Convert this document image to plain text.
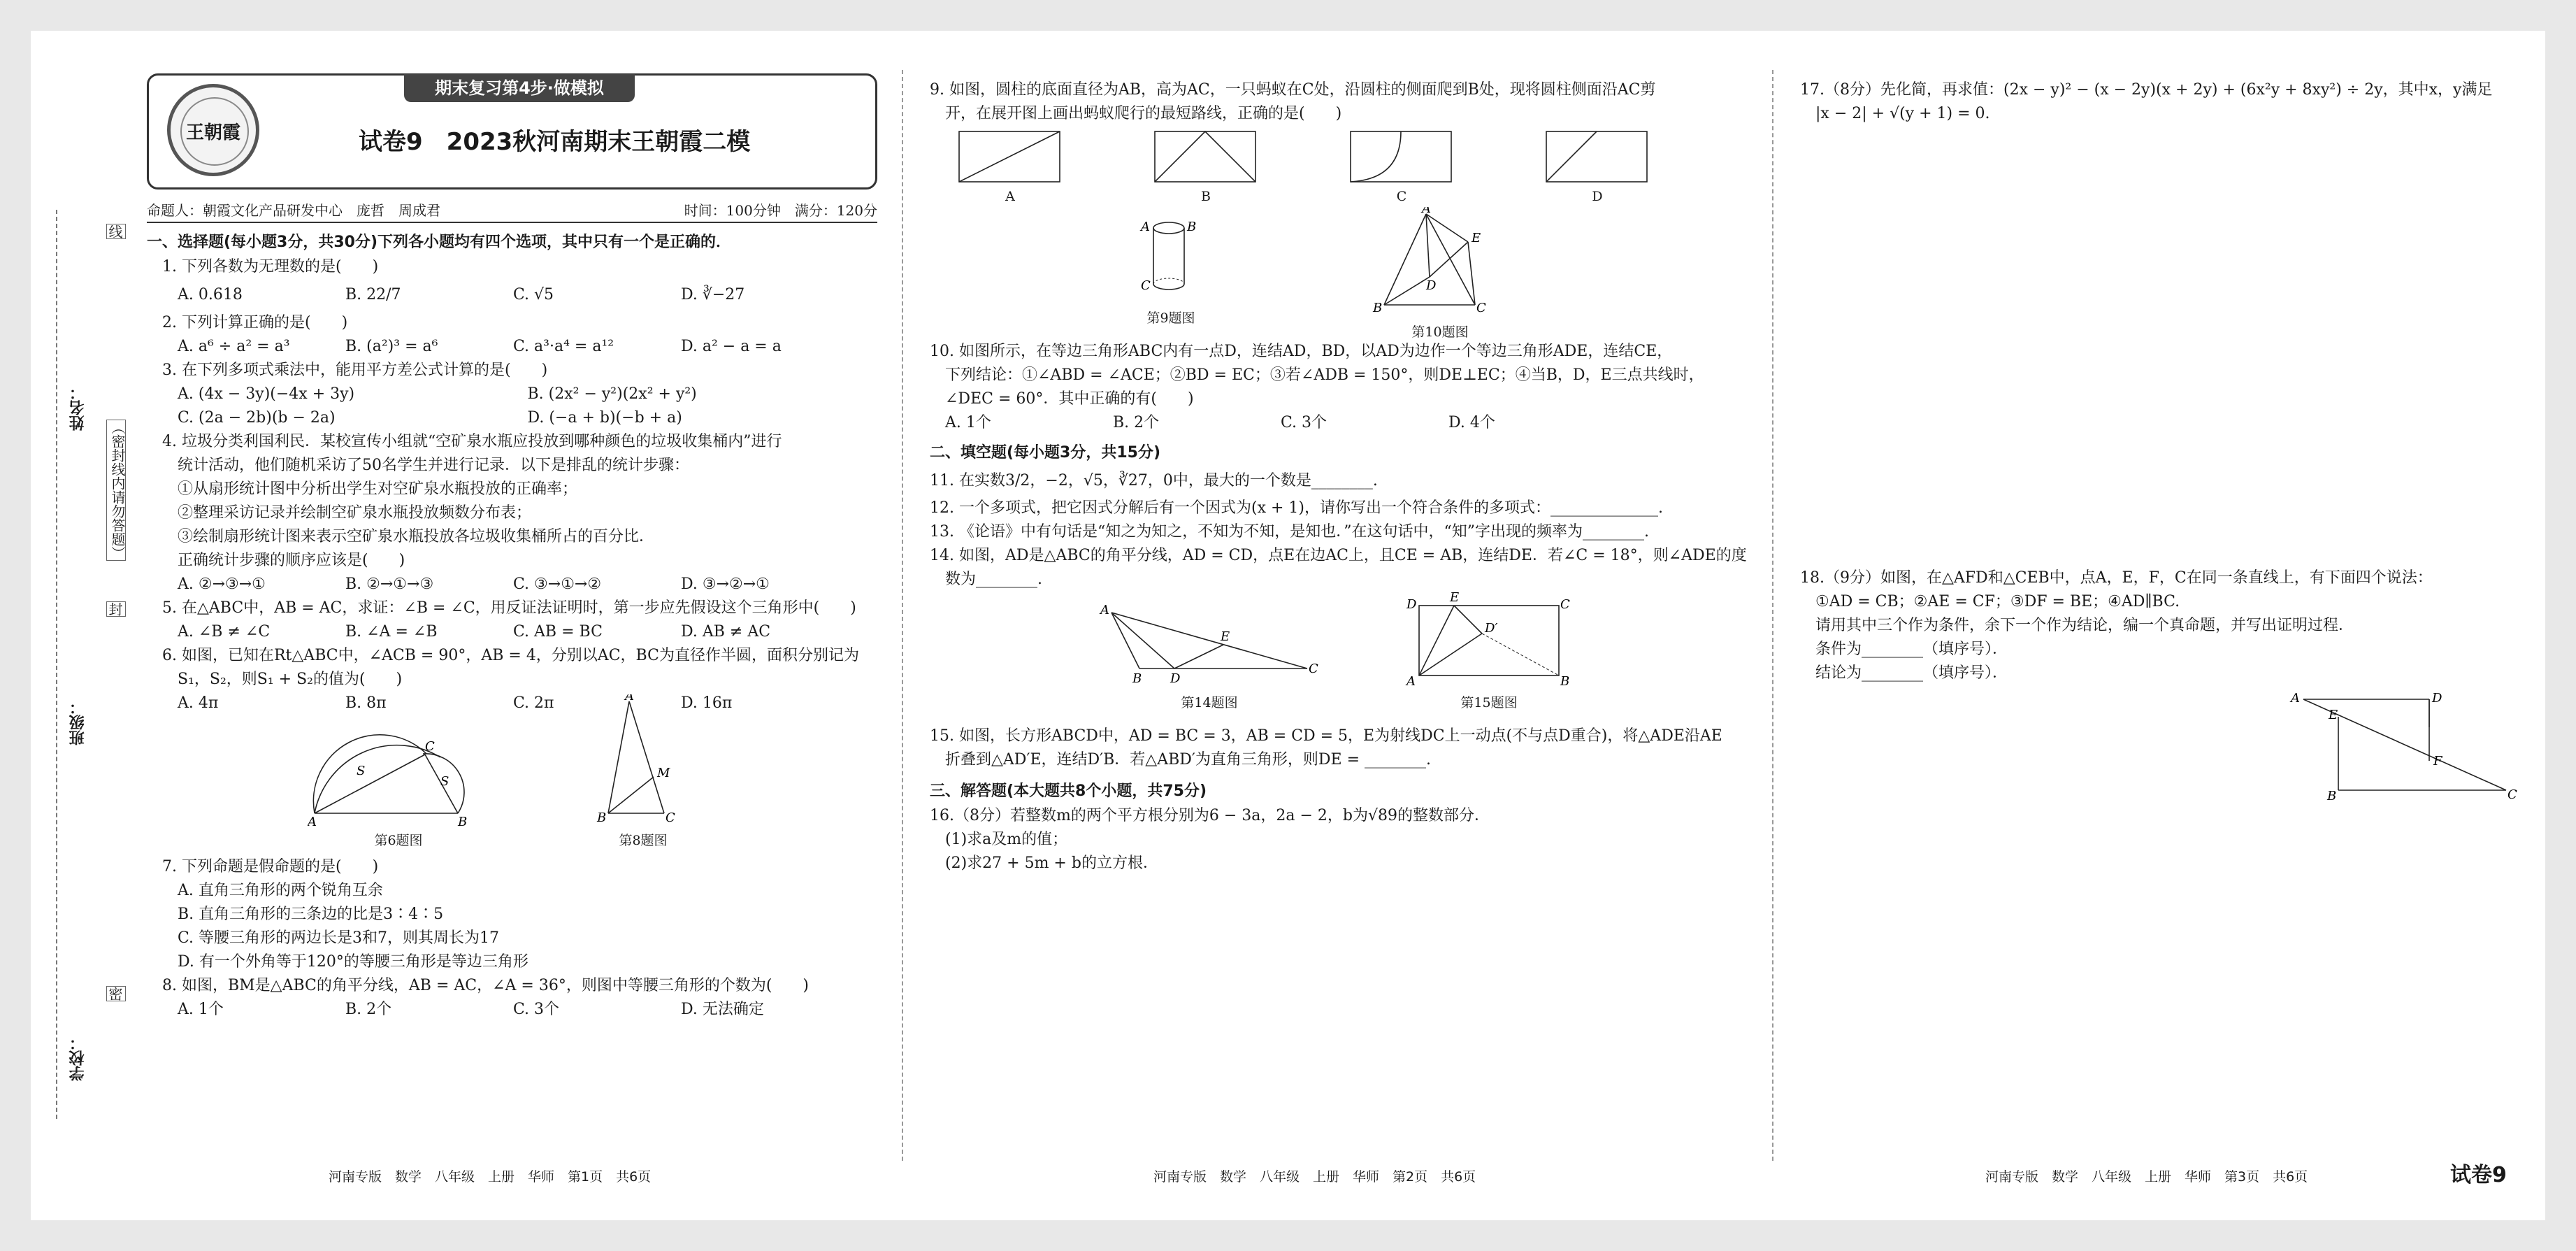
姓名：
班级：
学校：
线
（密封线内请勿答题）
封
密
王朝霞
期末复习第4步·做模拟
试卷9　2023秋河南期末王朝霞二模
命题人：朝霞文化产品研发中心　庞哲　周成君	时间：100分钟　满分：120分
一、选择题(每小题3分，共30分)下列各小题均有四个选项，其中只有一个是正确的．
1. 下列各数为无理数的是(　　)
A. 0.618	B. 22/7	C. √5	D. ∛−27
2. 下列计算正确的是(　　)
A. a⁶ ÷ a² = a³	B. (a²)³ = a⁶	C. a³·a⁴ = a¹²	D. a² − a = a
3. 在下列多项式乘法中，能用平方差公式计算的是(　　)
A. (4x − 3y)(−4x + 3y)	B. (2x² − y²)(2x² + y²)
C. (2a − 2b)(b − 2a)	D. (−a + b)(−b + a)
4. 垃圾分类利国利民．某校宣传小组就“空矿泉水瓶应投放到哪种颜色的垃圾收集桶内”进行
统计活动，他们随机采访了50名学生并进行记录．以下是排乱的统计步骤：
①从扇形统计图中分析出学生对空矿泉水瓶投放的正确率；
②整理采访记录并绘制空矿泉水瓶投放频数分布表；
③绘制扇形统计图来表示空矿泉水瓶投放各垃圾收集桶所占的百分比．
正确统计步骤的顺序应该是(　　)
A. ②→③→①	B. ②→①→③	C. ③→①→②	D. ③→②→①
5. 在△ABC中，AB = AC，求证：∠B = ∠C，用反证法证明时，第一步应先假设这个三角形中(　　)
A. ∠B ≠ ∠C	B. ∠A = ∠B	C. AB = BC	D. AB ≠ AC
6. 如图，已知在Rt△ABC中，∠ACB = 90°，AB = 4，分别以AC，BC为直径作半圆，面积分别记为
S₁，S₂，则S₁ + S₂的值为(　　)
A. 4π	B. 8π	C. 2π	D. 16π
A	B
C
S
S
第6题图
A
B	C
M
第8题图
7. 下列命题是假命题的是(　　)
A. 直角三角形的两个锐角互余
B. 直角三角形的三条边的比是3∶4∶5
C. 等腰三角形的两边长是3和7，则其周长为17
D. 有一个外角等于120°的等腰三角形是等边三角形
8. 如图，BM是△ABC的角平分线，AB = AC，∠A = 36°，则图中等腰三角形的个数为(　　)
A. 1个	B. 2个	C. 3个	D. 无法确定
河南专版　数学　八年级　上册　华师　第1页　共6页
9. 如图，圆柱的底面直径为AB，高为AC，一只蚂蚁在C处，沿圆柱的侧面爬到B处，现将圆柱侧面沿AC剪
开，在展开图上画出蚂蚁爬行的最短路线，正确的是(　　)
A	B	C	D
A	B
C
第9题图
A
B	C
D
E
第10题图
10. 如图所示，在等边三角形ABC内有一点D，连结AD，BD，以AD为边作一个等边三角形ADE，连结CE，
下列结论：①∠ABD = ∠ACE；②BD = EC；③若∠ADB = 150°，则DE⊥EC；④当B，D，E三点共线时，
∠DEC = 60°．其中正确的有(　　)
A. 1个	B. 2个	C. 3个	D. 4个
二、填空题(每小题3分，共15分)
11. 在实数3/2，−2，√5，∛27，0中，最大的一个数是________.
12. 一个多项式，把它因式分解后有一个因式为(x + 1)，请你写出一个符合条件的多项式：______________.
13. 《论语》中有句话是“知之为知之，不知为不知，是知也．”在这句话中，“知”字出现的频率为________.
14. 如图，AD是△ABC的角平分线，AD = CD，点E在边AC上，且CE = AB，连结DE．若∠C = 18°，则∠ADE的度
数为________.
A
B D
C
E
第14题图
D	E	C
A	B
D′
第15题图
15. 如图，长方形ABCD中，AD = BC = 3，AB = CD = 5，E为射线DC上一动点(不与点D重合)，将△ADE沿AE
折叠到△AD′E，连结D′B．若△ABD′为直角三角形，则DE = ________.
三、解答题(本大题共8个小题，共75分)
16.（8分）若整数m的两个平方根分别为6 − 3a，2a − 2，b为√89的整数部分．
(1)求a及m的值；
(2)求27 + 5m + b的立方根．
河南专版　数学　八年级　上册　华师　第2页　共6页
17.（8分）先化简，再求值：(2x − y)² − (x − 2y)(x + 2y) + (6x²y + 8xy²) ÷ 2y，其中x，y满足
|x − 2| + √(y + 1) = 0.
18.（9分）如图，在△AFD和△CEB中，点A，E，F，C在同一条直线上，有下面四个说法：
①AD = CB；②AE = CF；③DF = BE；④AD∥BC.
请用其中三个作为条件，余下一个作为结论，编一个真命题，并写出证明过程．
条件为________（填序号）．
结论为________（填序号）．
A	D
E
F
B	C
河南专版　数学　八年级　上册　华师　第3页　共6页	试卷9
